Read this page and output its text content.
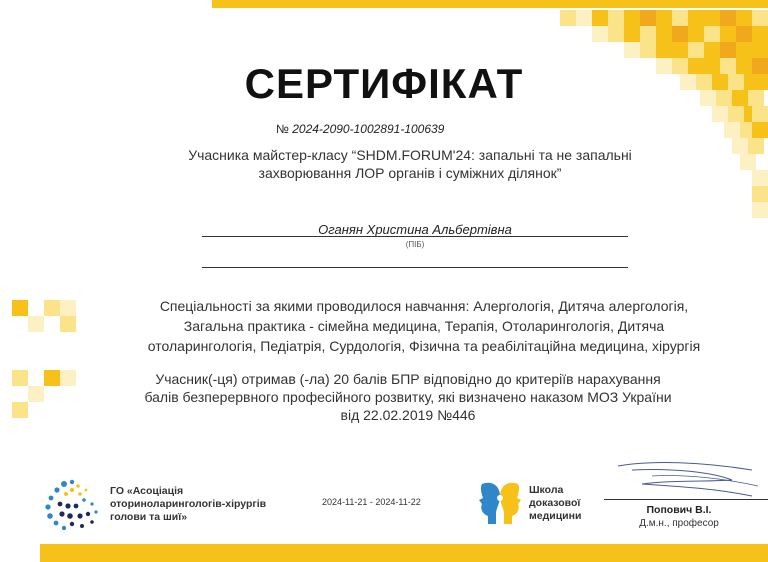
СЕРТИФІКАТ
№ 2024-2090-1002891-100639
Учасника майстер-класу “SHDM.FORUM'24: запальні та не запальні
захворювання ЛОР органів і суміжних ділянок”
Оганян Христина Альбертівна
(ПІБ)
Спеціальності за якими проводилося навчання: Алергологія, Дитяча алергологія,
Загальна практика - сімейна медицина, Терапія, Отоларингологія, Дитяча
отоларингологія, Педіатрія, Сурдологія, Фізична та реабілітаційна медицина, хірургія
Учасник(-ця) отримав (-ла) 20 балів БПР відповідно до критеріїв нарахування
балів безперервного професійного розвитку, які визначено наказом МОЗ України
від 22.02.2019 №446
ГО «Асоціація
оториноларингологів-хірургів
голови та шиї»
2024-11-21 - 2024-11-22
Школа
доказової
медицини	Попович В.І.
Д.м.н., професор
